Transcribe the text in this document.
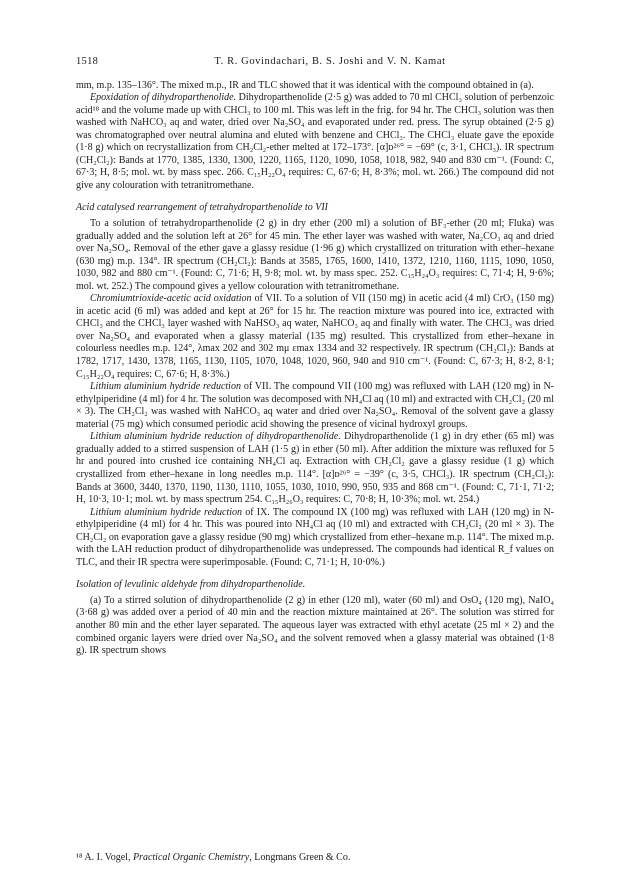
1518	T. R. Govindachari, B. S. Joshi and V. N. Kamat

mm, m.p. 135–136°. The mixed m.p., IR and TLC showed that it was identical with the compound obtained in (a).

Epoxidation of dihydroparthenolide. Dihydroparthenolide (2·5 g) was added to 70 ml CHCl₃ solution of perbenzoic acid¹⁸ and the volume made up with CHCl₃ to 100 ml. This was left in the frig. for 94 hr. The CHCl₃ solution was then washed with NaHCO₃ aq and water, dried over Na₂SO₄ and evaporated under red. press. The syrup obtained (2·5 g) was chromatographed over neutral alumina and eluted with benzene and CHCl₃. The CHCl₃ eluate gave the epoxide (1·8 g) which on recrystallization from CH₂Cl₂-ether melted at 172–173°. [α]ᴅ²⁶° = −69° (c, 3·1, CHCl₃). IR spectrum (CH₂Cl₂): Bands at 1770, 1385, 1330, 1300, 1220, 1165, 1120, 1090, 1058, 1018, 982, 940 and 830 cm⁻¹. (Found: C, 67·3; H, 8·5; mol. wt. by mass spec. 266. C₁₅H₂₂O₄ requires: C, 67·6; H, 8·3%; mol. wt. 266.) The compound did not give any colouration with tetranitromethane.

Acid catalysed rearrangement of tetrahydroparthenolide to VII

To a solution of tetrahydroparthenolide (2 g) in dry ether (200 ml) a solution of BF₃-ether (20 ml; Fluka) was gradually added and the solution left at 26° for 45 min. The ether layer was washed with water, Na₂CO₃ aq and dried over Na₂SO₄. Removal of the ether gave a glassy residue (1·96 g) which crystallized on trituration with ether–hexane (630 mg) m.p. 134°. IR spectrum (CH₂Cl₂): Bands at 3585, 1765, 1600, 1410, 1372, 1210, 1160, 1115, 1090, 1050, 1030, 982 and 880 cm⁻¹. (Found: C, 71·6; H, 9·8; mol. wt. by mass spec. 252. C₁₅H₂₄O₃ requires: C, 71·4; H, 9·6%; mol. wt. 252.) The compound gives a yellow colouration with tetranitromethane.

Chromiumtrioxide-acetic acid oxidation of VII. To a solution of VII (150 mg) in acetic acid (4 ml) CrO₃ (150 mg) in acetic acid (6 ml) was added and kept at 26° for 15 hr. The reaction mixture was poured into ice, extracted with CHCl₃ and the CHCl₃ layer washed with NaHSO₃ aq water, NaHCO₃ aq and finally with water. The CHCl₃ was dried over Na₂SO₄ and evaporated when a glassy material (135 mg) resulted. This crystallized from ether–hexane in colourless needles m.p. 124°, λmax 202 and 302 mμ εmax 1334 and 32 respectively. IR spectrum (CH₂Cl₂): Bands at 1782, 1717, 1430, 1378, 1165, 1130, 1105, 1070, 1048, 1020, 960, 940 and 910 cm⁻¹. (Found: C, 67·3; H, 8·2, 8·1; C₁₅H₂₂O₄ requires: C, 67·6; H, 8·3%.)

Lithium aluminium hydride reduction of VII. The compound VII (100 mg) was refluxed with LAH (120 mg) in N-ethylpiperidine (4 ml) for 4 hr. The solution was decomposed with NH₄Cl aq (10 ml) and extracted with CH₂Cl₂ (20 ml × 3). The CH₂Cl₂ was washed with NaHCO₃ aq water and dried over Na₂SO₄. Removal of the solvent gave a glassy material (75 mg) which consumed periodic acid showing the presence of vicinal hydroxyl groups.

Lithium aluminium hydride reduction of dihydroparthenolide. Dihydroparthenolide (1 g) in dry ether (65 ml) was gradually added to a stirred suspension of LAH (1·5 g) in ether (50 ml). After addition the mixture was refluxed for 5 hr and poured into crushed ice containing NH₄Cl aq. Extraction with CH₂Cl₂ gave a glassy residue (1 g) which crystallized from ether–hexane in long needles m.p. 114°. [α]ᴅ²⁶° = −39° (c, 3·5, CHCl₃). IR spectrum (CH₂Cl₂): Bands at 3600, 3440, 1370, 1190, 1130, 1110, 1055, 1030, 1010, 990, 950, 935 and 868 cm⁻¹. (Found: C, 71·1, 71·2; H, 10·3, 10·1; mol. wt. by mass spectrum 254. C₁₅H₂₆O₃ requires: C, 70·8; H, 10·3%; mol. wt. 254.)

Lithium aluminium hydride reduction of IX. The compound IX (100 mg) was refluxed with LAH (120 mg) in N-ethylpiperidine (4 ml) for 4 hr. This was poured into NH₄Cl aq (10 ml) and extracted with CH₂Cl₂ (20 ml × 3). The CH₂Cl₂ on evaporation gave a glassy residue (90 mg) which crystallized from ether–hexane m.p. 114°. The mixed m.p. with the LAH reduction product of dihydroparthenolide was undepressed. The compounds had identical R_f values on TLC, and their IR spectra were superimposable. (Found: C, 71·1; H, 10·0%.)

Isolation of levulinic aldehyde from dihydroparthenolide.

(a) To a stirred solution of dihydroparthenolide (2 g) in ether (120 ml), water (60 ml) and OsO₄ (120 mg), NaIO₄ (3·68 g) was added over a period of 40 min and the reaction mixture maintained at 26°. The solution was stirred for another 80 min and the ether layer separated. The aqueous layer was extracted with ethyl acetate (25 ml × 2) and the combined organic layers were dried over Na₂SO₄ and the solvent removed when a glassy material was obtained (1·8 g). IR spectrum shows

¹⁸ A. I. Vogel, Practical Organic Chemistry, Longmans Green & Co.
